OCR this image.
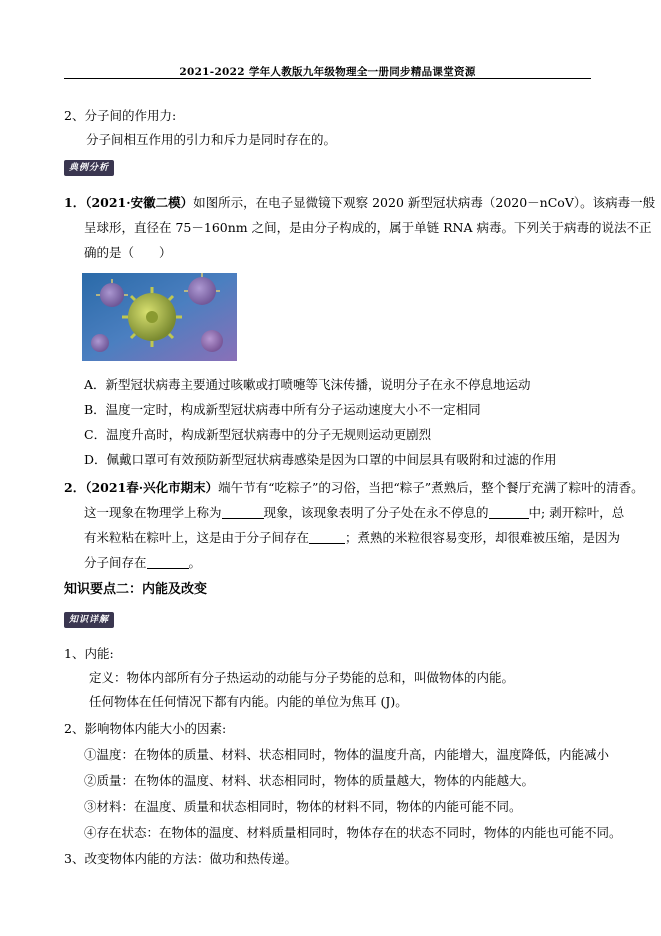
2021-2022 学年人教版九年级物理全一册同步精品课堂资源
2、分子间的作用力:
分子间相互作用的引力和斥力是同时存在的。
典例分析
1．（2021·安徽二模）如图所示，在电子显微镜下观察 2020 新型冠状病毒（2020－nCoV）。该病毒一般
呈球形，直径在 75－160nm 之间，是由分子构成的，属于单链 RNA 病毒。下列关于病毒的说法不正
确的是（　　）
A．新型冠状病毒主要通过咳嗽或打喷嚏等飞沫传播，说明分子在永不停息地运动
B．温度一定时，构成新型冠状病毒中所有分子运动速度大小不一定相同
C．温度升高时，构成新型冠状病毒中的分子无规则运动更剧烈
D．佩戴口罩可有效预防新型冠状病毒感染是因为口罩的中间层具有吸附和过滤的作用
2．（2021春·兴化市期末）端午节有“吃粽子”的习俗，当把“粽子”煮熟后，整个餐厅充满了粽叶的清香。
这一现象在物理学上称为	现象，该现象表明了分子处在永不停息的	中; 剥开粽叶，总
有米粒粘在粽叶上，这是由于分子间存在	；煮熟的米粒很容易变形，却很难被压缩，是因为
分子间存在	。
知识要点二：内能及改变
知识详解
1、内能:
定义：物体内部所有分子热运动的动能与分子势能的总和，叫做物体的内能。
任何物体在任何情况下都有内能。内能的单位为焦耳 (J)。
2、影响物体内能大小的因素:
①温度：在物体的质量、材料、状态相同时，物体的温度升高，内能增大，温度降低，内能减小
②质量：在物体的温度、材料、状态相同时，物体的质量越大，物体的内能越大。
③材料：在温度、质量和状态相同时，物体的材料不同，物体的内能可能不同。
④存在状态：在物体的温度、材料质量相同时，物体存在的状态不同时，物体的内能也可能不同。
3、改变物体内能的方法：做功和热传递。
